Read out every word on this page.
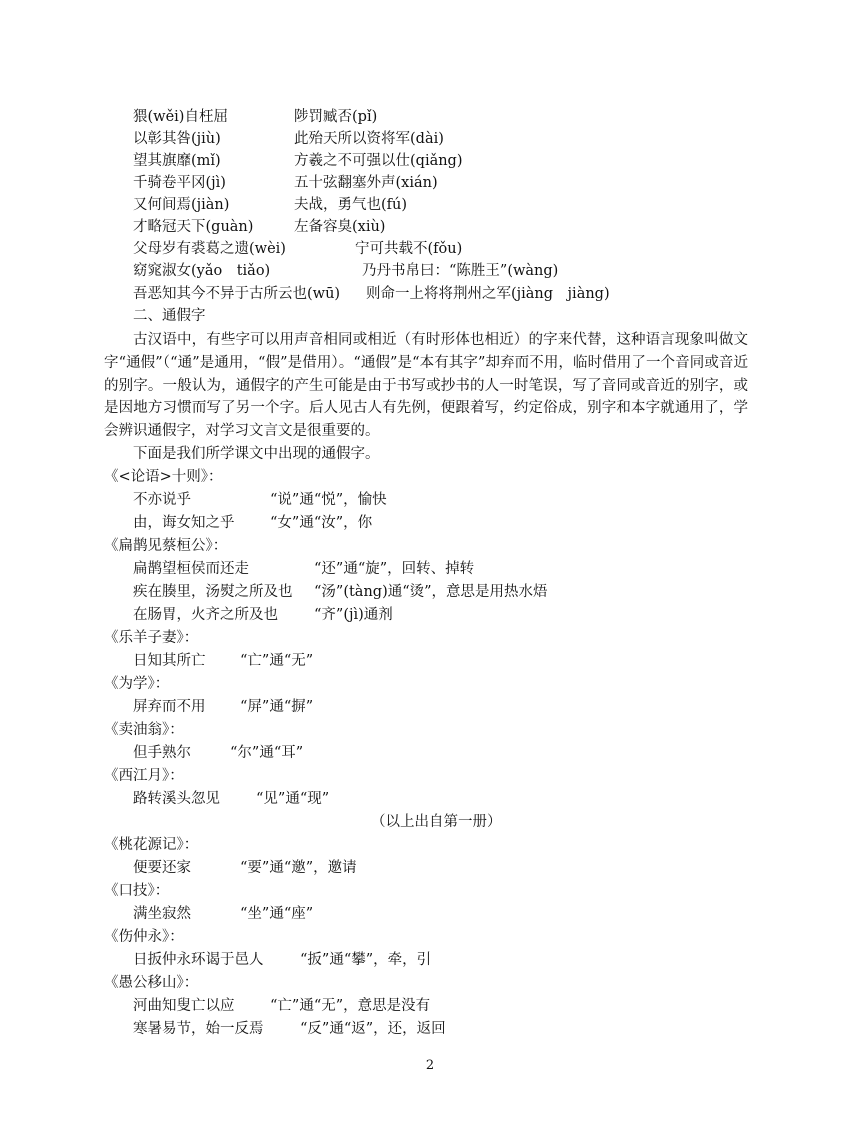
猥(wěi)自枉屈	陟罚臧否(pǐ)
以彰其咎(jiù)	此殆天所以资将军(dài)
望其旗靡(mǐ)	方羲之不可强以仕(qiǎng)
千骑卷平冈(jì)	五十弦翻塞外声(xián)
又何间焉(jiàn)	夫战，勇气也(fú)
才略冠天下(guàn)	左备容臭(xiù)
父母岁有裘葛之遗(wèi)	宁可共载不(fǒu)
窈窕淑女(yǎo　tiǎo)	乃丹书帛曰：“陈胜王”(wàng)
吾恶知其今不异于古所云也(wū) 则命一上将将荆州之军(jiàng　jiàng)
二、通假字
古汉语中，有些字可以用声音相同或相近（有时形体也相近）的字来代替，这种语言现象叫做文字“通假”（“通”是通用，“假”是借用）。“通假”是“本有其字”却弃而不用，临时借用了一个音同或音近的别字。一般认为，通假字的产生可能是由于书写或抄书的人一时笔误，写了音同或音近的别字，或是因地方习惯而写了另一个字。后人见古人有先例，便跟着写，约定俗成，别字和本字就通用了，学会辨识通假字，对学习文言文是很重要的。
下面是我们所学课文中出现的通假字。
《<论语>十则》：
不亦说乎	“说”通“悦”，愉快
由，诲女知之乎 “女”通“汝”，你
《扁鹊见蔡桓公》：
扁鹊望桓侯而还走	“还”通“旋”，回转、掉转
疾在腠里，汤熨之所及也 “汤”(tàng)通“烫”，意思是用热水焐
在肠胃，火齐之所及也 “齐”(jì)通剂
《乐羊子妻》：
日知其所亡 “亡”通“无”
《为学》：
屏弃而不用 “屏”通“摒”
《卖油翁》：
但手熟尔	“尔”通“耳”
《西江月》：
路转溪头忽见 “见”通“现”
（以上出自第一册）
《桃花源记》：
便要还家	“要”通“邀”，邀请
《口技》：
满坐寂然	“坐”通“座”
《伤仲永》：
日扳仲永环谒于邑人	“扳”通“攀”，牵，引
《愚公移山》：
河曲知叟亡以应 “亡”通“无”，意思是没有
寒暑易节，始一反焉	“反”通“返”，还，返回
2
